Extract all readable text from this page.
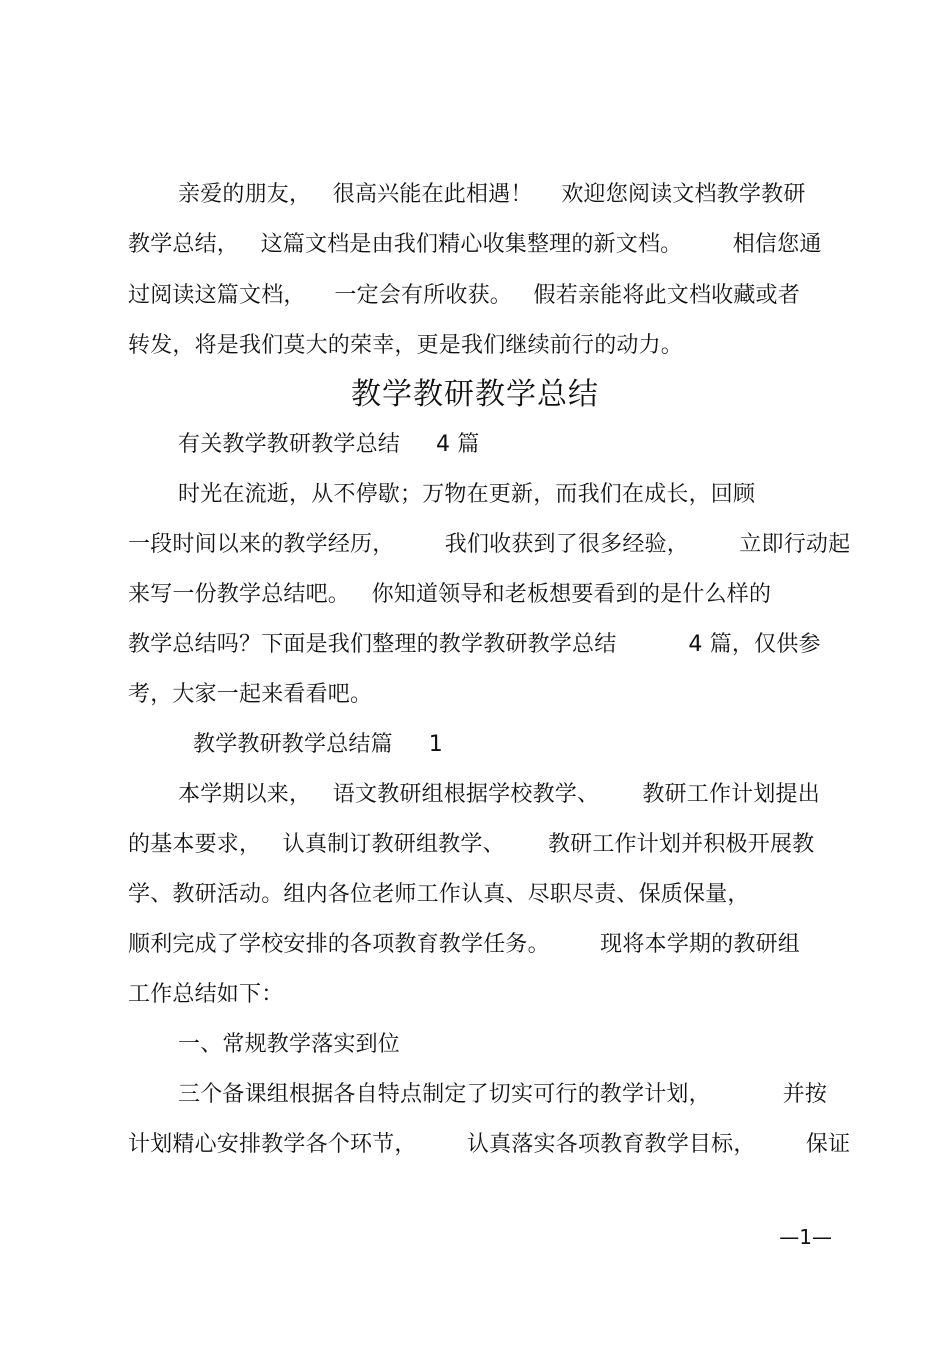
亲爱的朋友，   很高兴能在此相遇！    欢迎您阅读文档教学教研
教学总结，   这篇文档是由我们精心收集整理的新文档。       相信您通
过阅读这篇文档，    一定会有所收获。   假若亲能将此文档收藏或者
转发，将是我们莫大的荣幸，更是我们继续前行的动力。
教学教研教学总结
有关教学教研教学总结     4 篇
时光在流逝，从不停歇；万物在更新，而我们在成长，回顾
一段时间以来的教学经历，       我们收获到了很多经验，       立即行动起
来写一份教学总结吧。   你知道领导和老板想要看到的是什么样的
教学总结吗？下面是我们整理的教学教研教学总结          4 篇，仅供参
考，大家一起来看看吧。
教学教研教学总结篇     1
本学期以来，   语文教研组根据学校教学、      教研工作计划提出
的基本要求，   认真制订教研组教学、      教研工作计划并积极开展教
学、教研活动。组内各位老师工作认真、尽职尽责、保质保量，
顺利完成了学校安排的各项教育教学任务。       现将本学期的教研组
工作总结如下：
一、常规教学落实到位
三个备课组根据各自特点制定了切实可行的教学计划，          并按
计划精心安排教学各个环节，       认真落实各项教育教学目标，       保证
—1—
